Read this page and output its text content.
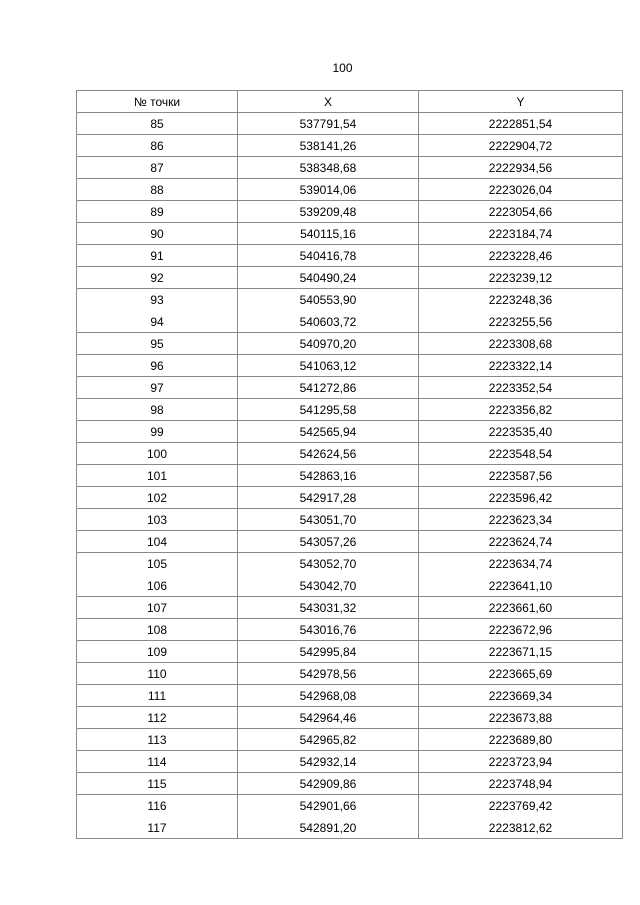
100
№ точки	X	Y
85	537791,54	2222851,54
86	538141,26	2222904,72
87	538348,68	2222934,56
88	539014,06	2223026,04
89	539209,48	2223054,66
90	540115,16	2223184,74
91	540416,78	2223228,46
92	540490,24	2223239,12
93	540553,90	2223248,36
94	540603,72	2223255,56
95	540970,20	2223308,68
96	541063,12	2223322,14
97	541272,86	2223352,54
98	541295,58	2223356,82
99	542565,94	2223535,40
100	542624,56	2223548,54
101	542863,16	2223587,56
102	542917,28	2223596,42
103	543051,70	2223623,34
104	543057,26	2223624,74
105	543052,70	2223634,74
106	543042,70	2223641,10
107	543031,32	2223661,60
108	543016,76	2223672,96
109	542995,84	2223671,15
110	542978,56	2223665,69
111	542968,08	2223669,34
112	542964,46	2223673,88
113	542965,82	2223689,80
114	542932,14	2223723,94
115	542909,86	2223748,94
116	542901,66	2223769,42
117	542891,20	2223812,62
